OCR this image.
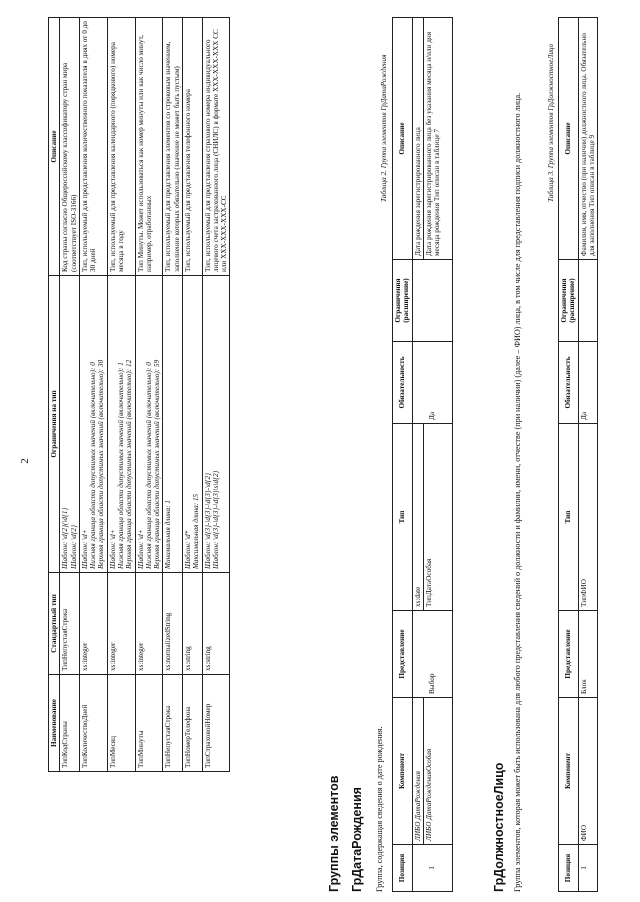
2
Наименование	Стандартный тип	Ограничения на тип	Описание
ТипКодСтраны	ТипНепустаяСтрока	Шаблон: \d{2}(\d{1}
Шаблон: \d{2}	Код страны согласно Общероссийскому классификатору стран мира (соответствует ISO-3166)
ТипКоличествоДней	xs:integer	Шаблон: \d+
Нижняя граница области допустимых значений (включительно): 0
Верхняя граница области допустимых значений (включительно): 30	Тип, используемый для представления количественного показателя в днях от 0 до 30 дней
ТипМесяц	xs:integer	Шаблон: \d+
Нижняя граница области допустимых значений (включительно): 1
Верхняя граница области допустимых значений (включительно): 12	Тип, используемый для представления календарного (порядкового) номера месяца в году
ТипМинуты	xs:integer	Шаблон: \d+
Нижняя граница области допустимых значений (включительно): 0
Верхняя граница области допустимых значений (включительно): 59	Тип Минуты. Может использоваться как номер минуты или как число минут, например, отработанных
ТипНепустаяСтрока	xs:normalizedString	Минимальная длина: 1	Тип, используемый для представления элементов со строковым значением, заполнение которых обязательно (значение не может быть пустым)
ТипНомерТелефона	xs:string	Шаблон: \d*
Максимальная длина: 15	Тип, используемый для представления телефонного номера
ТипСтраховойНомер	xs:string	Шаблон: \d{3}-\d{3}-\d{3}-\d{2}
Шаблон: \d{3}-\d{3}-\d{3}\s\d{2}	Тип, используемый для представления страхового номера индивидуального лицевого счета застрахованного лица (СНИЛС) в формате XXX-XXX-XXX CC или XXX-XXX-XXX-CC
Группы элементов ГрДатаРождения Группа, содержащая сведения о дате рождения.
Таблица 2. Группа элементов ГрДатаРождения
Позиция	Компонент	Представление	Тип	Обязательность	Ограничения (расширение)	Описание
1	ЛИБО ДатаРождения	Выбор	xs:date	Да		Дата рождения зарегистрированного лица
	ЛИБО ДатаРожденияОсобая		ТипДатаОсобая			Дата рождения зарегистрированного лица без указания месяца и/или дня месяца рождения Тип описан в таблице 7
ГрДолжностноеЛицо Группа элементов, которая может быть использована для любого представления сведений о должности и фамилии, имени, отчестве (при наличии) (далее – ФИО) лица, в том числе для представления подписи должностного лица.	Таблица 3. Группа элементов ГрДолжностноеЛицо
Позиция	Компонент	Представление	Тип	Обязательность	Ограничения (расширение)	Описание
1	ФИО	Блок	ТипФИО	Да		Фамилия, имя, отчество (при наличии) должностного лица. Обязательно для заполнения Тип описан в таблице 9
